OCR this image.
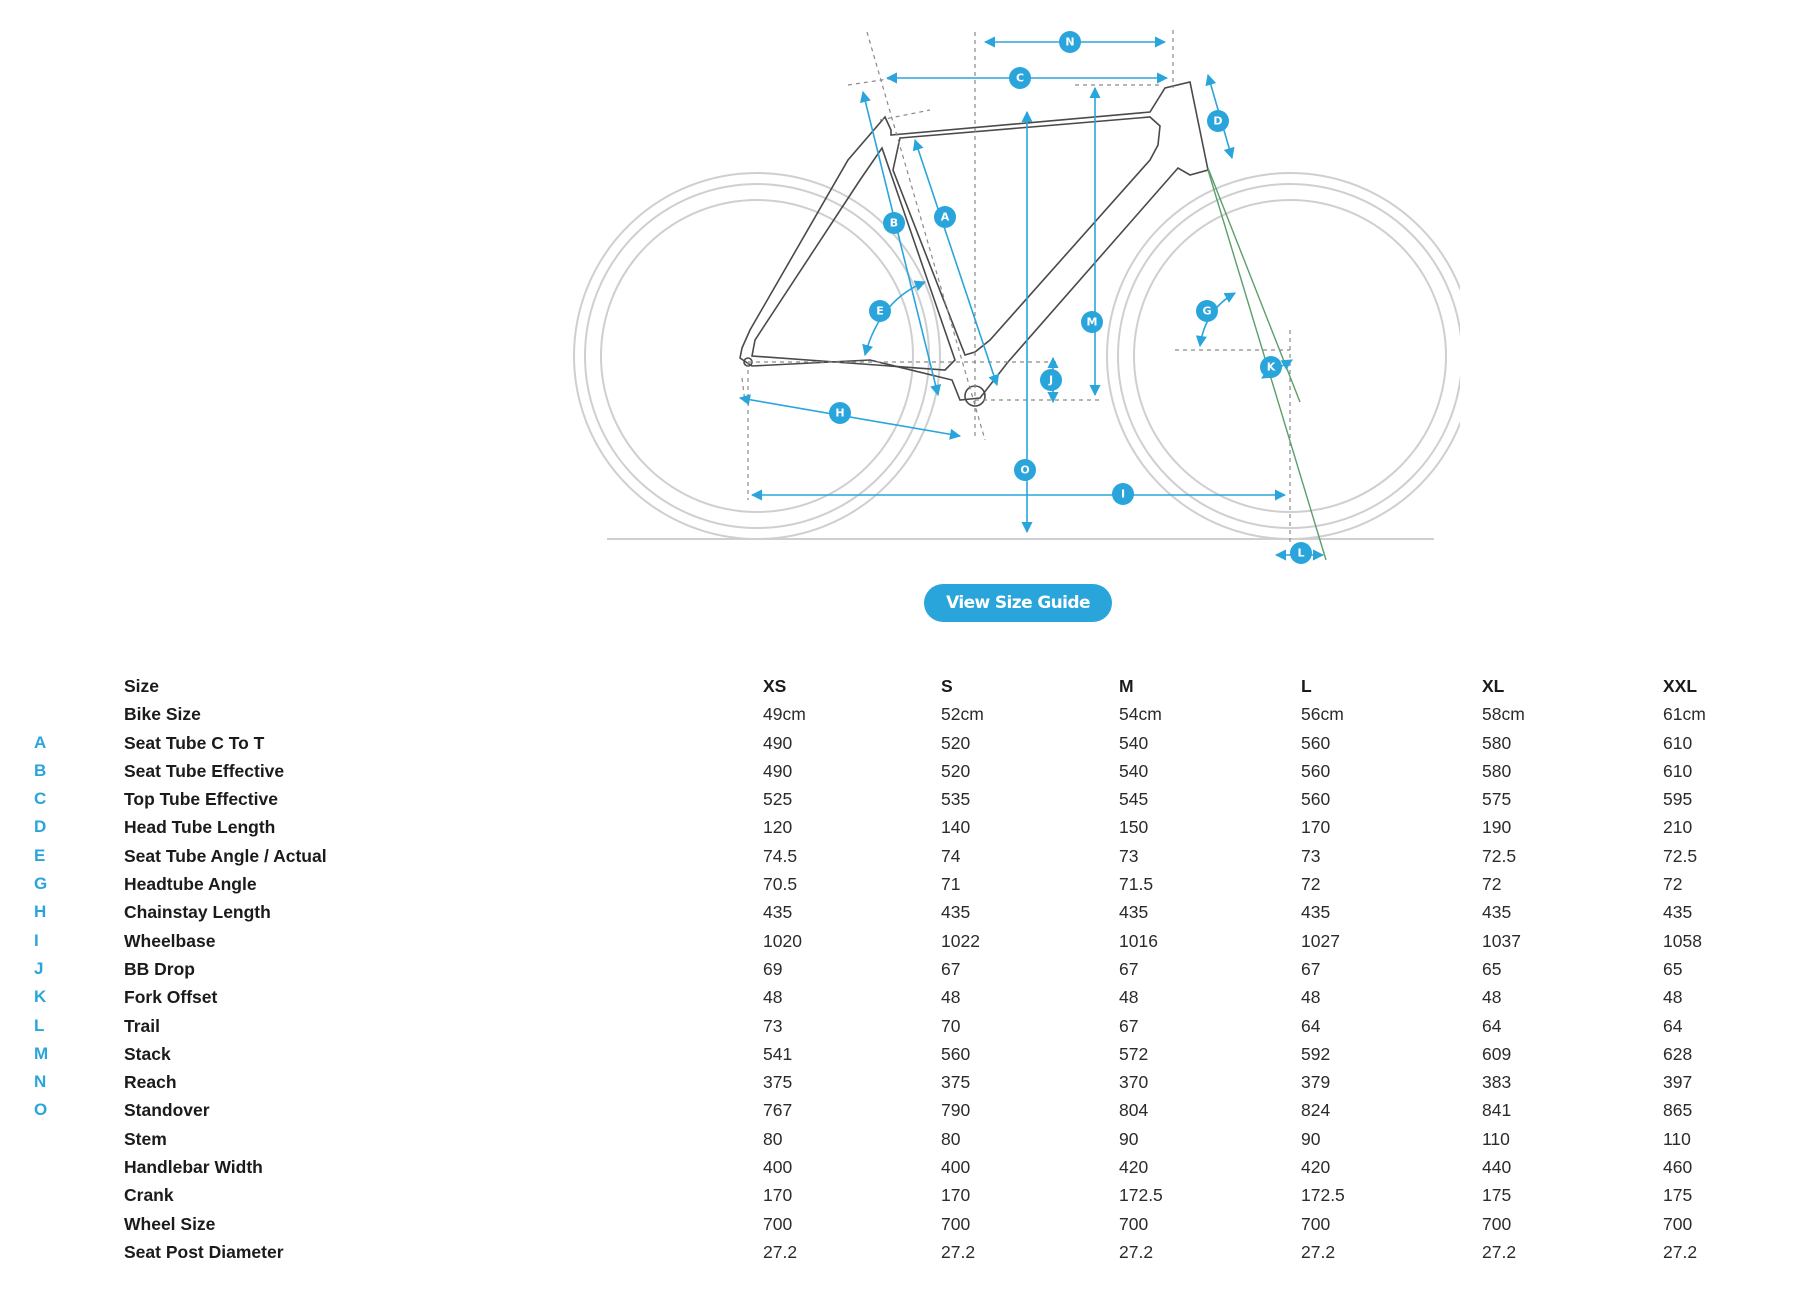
N
C
D
B	A
E
M
G
K
J
H
O
I
L
View Size Guide
Size	XS	S	M	L	XL	XXL
Bike Size	49cm	52cm	54cm	56cm	58cm	61cm
A	Seat Tube C To T	490	520	540	560	580	610
B	Seat Tube Effective	490	520	540	560	580	610
C	Top Tube Effective	525	535	545	560	575	595
D	Head Tube Length	120	140	150	170	190	210
E	Seat Tube Angle / Actual	74.5	74	73	73	72.5	72.5
G	Headtube Angle	70.5	71	71.5	72	72	72
H	Chainstay Length	435	435	435	435	435	435
I	Wheelbase	1020	1022	1016	1027	1037	1058
J	BB Drop	69	67	67	67	65	65
K	Fork Offset	48	48	48	48	48	48
L	Trail	73	70	67	64	64	64
M	Stack	541	560	572	592	609	628
N	Reach	375	375	370	379	383	397
O	Standover	767	790	804	824	841	865
Stem	80	80	90	90	110	110
Handlebar Width	400	400	420	420	440	460
Crank	170	170	172.5	172.5	175	175
Wheel Size	700	700	700	700	700	700
Seat Post Diameter	27.2	27.2	27.2	27.2	27.2	27.2
